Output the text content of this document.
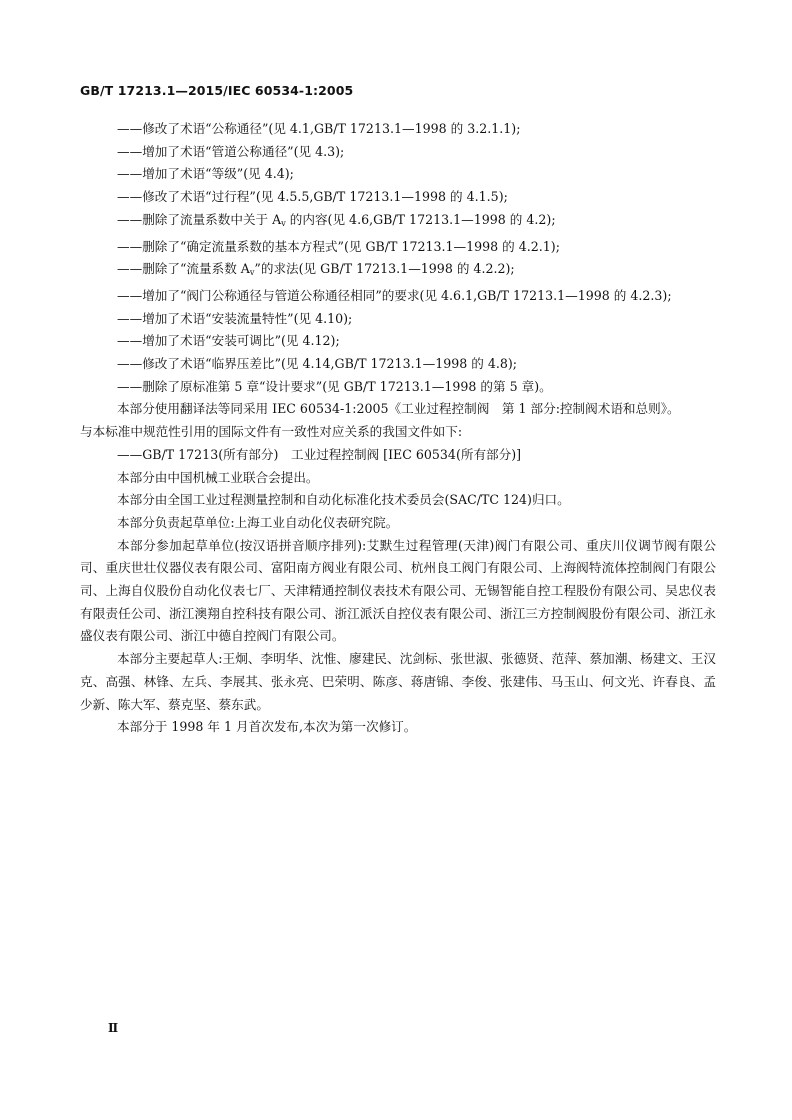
GB/T 17213.1—2015/IEC 60534-1:2005
——修改了术语“公称通径”(见 4.1,GB/T 17213.1—1998 的 3.2.1.1);
——增加了术语“管道公称通径”(见 4.3);
——增加了术语“等级”(见 4.4);
——修改了术语“过行程”(见 4.5.5,GB/T 17213.1—1998 的 4.1.5);
——删除了流量系数中关于 $A_v$ 的内容(见 4.6,GB/T 17213.1—1998 的 4.2);
——删除了“确定流量系数的基本方程式”(见 GB/T 17213.1—1998 的 4.2.1);
——删除了“流量系数 $A_v$”的求法(见 GB/T 17213.1—1998 的 4.2.2);
——增加了“阀门公称通径与管道公称通径相同”的要求(见 4.6.1,GB/T 17213.1—1998 的 4.2.3);
——增加了术语“安装流量特性”(见 4.10);
——增加了术语“安装可调比”(见 4.12);
——修改了术语“临界压差比”(见 4.14,GB/T 17213.1—1998 的 4.8);
——删除了原标准第 5 章“设计要求”(见 GB/T 17213.1—1998 的第 5 章)。
本部分使用翻译法等同采用 IEC 60534-1:2005《工业过程控制阀　第 1 部分:控制阀术语和总则》。
与本标准中规范性引用的国际文件有一致性对应关系的我国文件如下:
——GB/T 17213(所有部分)　工业过程控制阀 [IEC 60534(所有部分)]
本部分由中国机械工业联合会提出。
本部分由全国工业过程测量控制和自动化标准化技术委员会(SAC/TC 124)归口。
本部分负责起草单位:上海工业自动化仪表研究院。
本部分参加起草单位(按汉语拼音顺序排列):艾默生过程管理(天津)阀门有限公司、重庆川仪调节阀有限公司、重庆世壮仪器仪表有限公司、富阳南方阀业有限公司、杭州良工阀门有限公司、上海阀特流体控制阀门有限公司、上海自仪股份自动化仪表七厂、天津精通控制仪表技术有限公司、无锡智能自控工程股份有限公司、吴忠仪表有限责任公司、浙江澳翔自控科技有限公司、浙江派沃自控仪表有限公司、浙江三方控制阀股份有限公司、浙江永盛仪表有限公司、浙江中德自控阀门有限公司。
本部分主要起草人:王炯、李明华、沈惟、廖建民、沈剑标、张世淑、张德贤、范萍、蔡加潮、杨建文、王汉克、高强、林锋、左兵、李展其、张永亮、巴荣明、陈彦、蒋唐锦、李俊、张建伟、马玉山、何文光、许春良、孟少新、陈大军、蔡克坚、蔡东武。
本部分于 1998 年 1 月首次发布,本次为第一次修订。
Ⅱ
